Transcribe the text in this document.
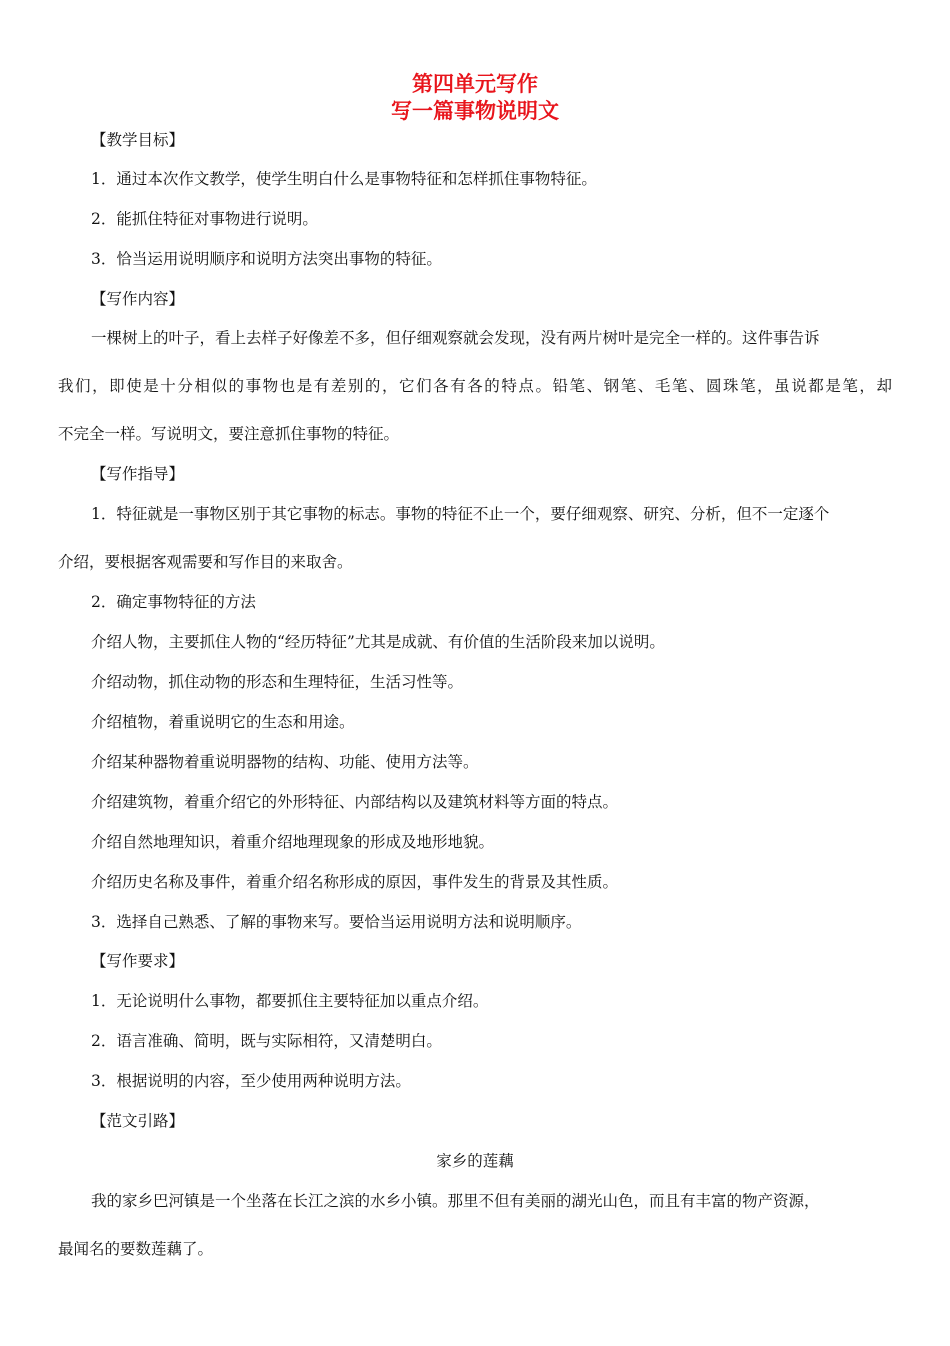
第四单元写作
写一篇事物说明文

【教学目标】

1．通过本次作文教学，使学生明白什么是事物特征和怎样抓住事物特征。

2．能抓住特征对事物进行说明。

3．恰当运用说明顺序和说明方法突出事物的特征。

【写作内容】

一棵树上的叶子，看上去样子好像差不多，但仔细观察就会发现，没有两片树叶是完全一样的。这件事告诉

我们，即使是十分相似的事物也是有差别的，它们各有各的特点。铅笔、钢笔、毛笔、圆珠笔，虽说都是笔，却

不完全一样。写说明文，要注意抓住事物的特征。

【写作指导】

1．特征就是一事物区别于其它事物的标志。事物的特征不止一个，要仔细观察、研究、分析，但不一定逐个

介绍，要根据客观需要和写作目的来取舍。

2．确定事物特征的方法

介绍人物，主要抓住人物的“经历特征”尤其是成就、有价值的生活阶段来加以说明。

介绍动物，抓住动物的形态和生理特征，生活习性等。

介绍植物，着重说明它的生态和用途。

介绍某种器物着重说明器物的结构、功能、使用方法等。

介绍建筑物，着重介绍它的外形特征、内部结构以及建筑材料等方面的特点。

介绍自然地理知识，着重介绍地理现象的形成及地形地貌。

介绍历史名称及事件，着重介绍名称形成的原因，事件发生的背景及其性质。

3．选择自己熟悉、了解的事物来写。要恰当运用说明方法和说明顺序。

【写作要求】

1．无论说明什么事物，都要抓住主要特征加以重点介绍。

2．语言准确、简明，既与实际相符，又清楚明白。

3．根据说明的内容，至少使用两种说明方法。

【范文引路】

家乡的莲藕

我的家乡巴河镇是一个坐落在长江之滨的水乡小镇。那里不但有美丽的湖光山色，而且有丰富的物产资源，

最闻名的要数莲藕了。
